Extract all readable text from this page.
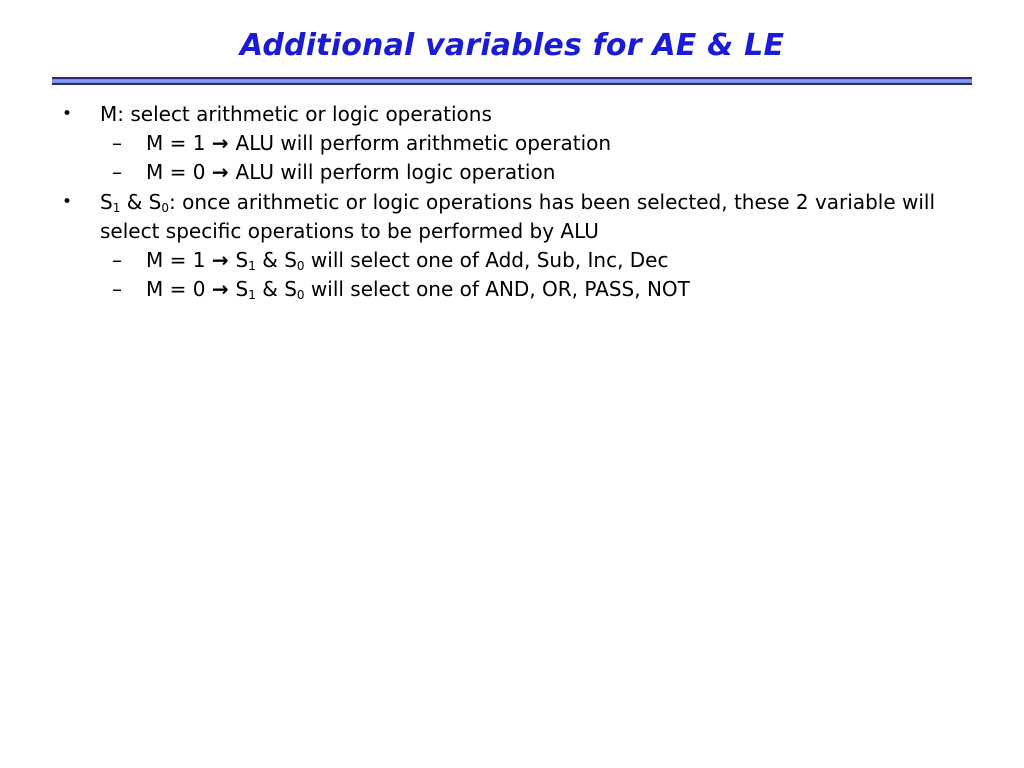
Additional variables for AE & LE
•	M: select arithmetic or logic operations
– M = 1 → ALU will perform arithmetic operation
– M = 0 → ALU will perform logic operation
•	$S_1$ & $S_0$: once arithmetic or logic operations has been selected, these 2 variable will select specific operations to be performed by ALU
– $M = 1 \to S_1$ & $S_0$ will select one of Add, Sub, Inc, Dec
– $M = 0 \to S_1$ & $S_0$ will select one of AND, OR, PASS, NOT
